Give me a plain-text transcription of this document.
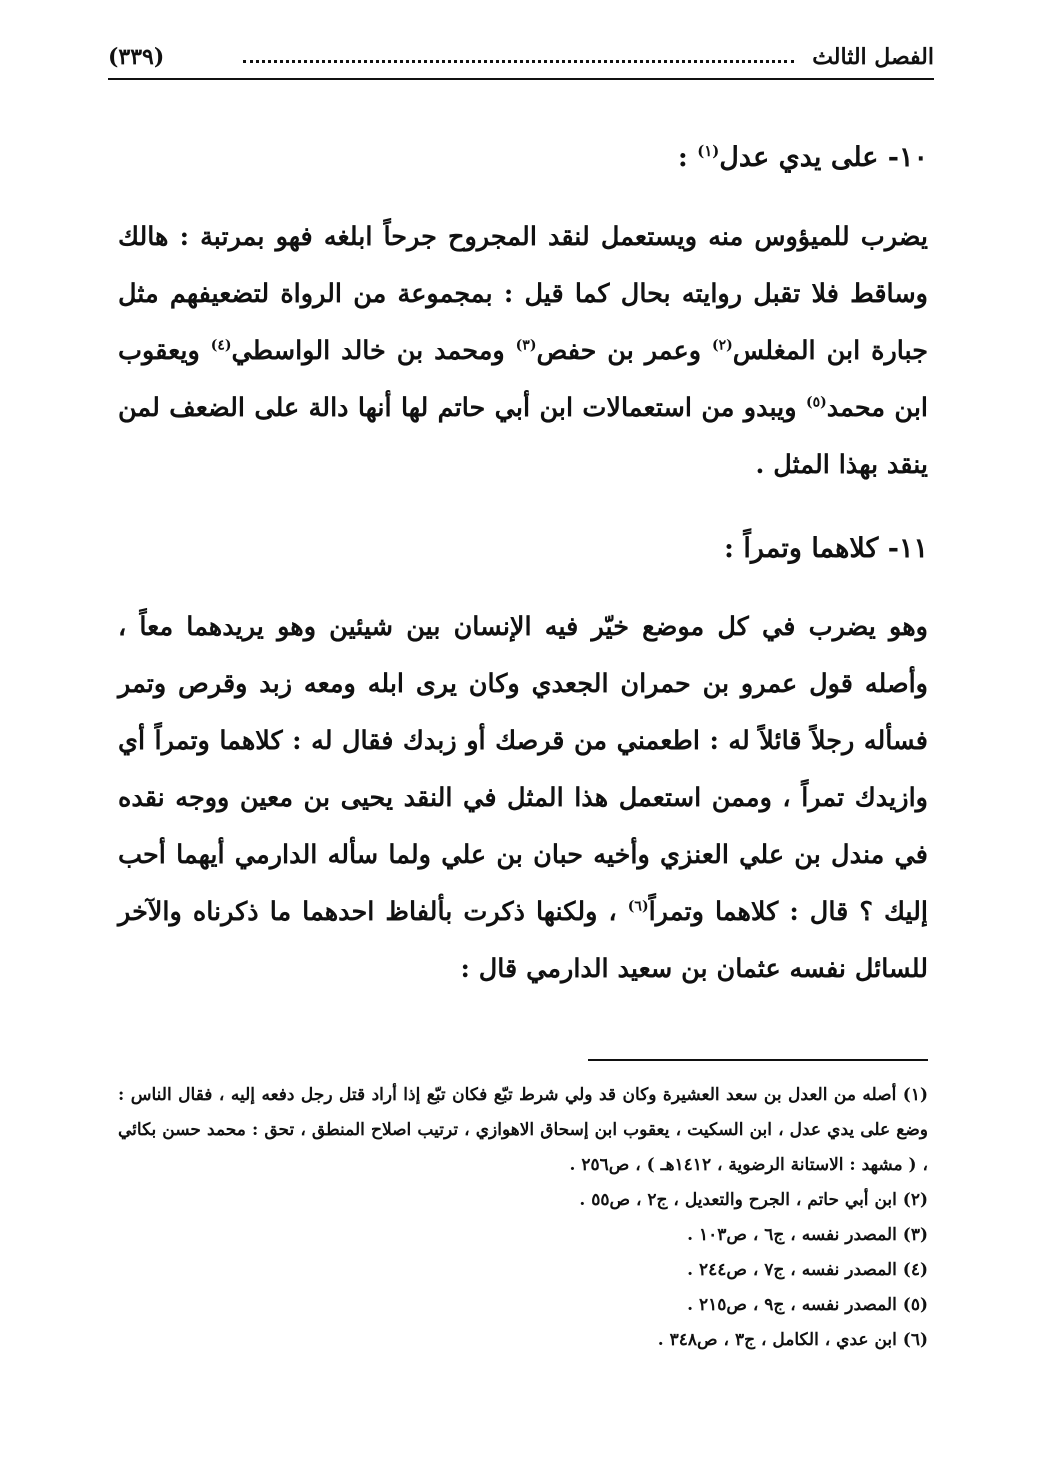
الفصل الثالث
(٣٣٩)
١٠- على يدي عدل$^{(١)}$ :
يضرب للميؤوس منه ويستعمل لنقد المجروح جرحاً ابلغه فهو بمرتبة : هالك وساقط فلا تقبل روايته بحال كما قيل : بمجموعة من الرواة لتضعيفهم مثل جبارة ابن المغلس$^{(٢)}$ وعمر بن حفص$^{(٣)}$ ومحمد بن خالد الواسطي$^{(٤)}$ ويعقوب ابن محمد$^{(٥)}$ ويبدو من استعمالات ابن أبي حاتم لها أنها دالة على الضعف لمن ينقد بهذا المثل .
١١- كلاهما وتمراً :
وهو يضرب في كل موضع خيّر فيه الإنسان بين شيئين وهو يريدهما معاً ، وأصله قول عمرو بن حمران الجعدي وكان يرى ابله ومعه زبد وقرص وتمر فسأله رجلاً قائلاً له : اطعمني من قرصك أو زبدك فقال له : كلاهما وتمراً أي وازيدك تمراً ، وممن استعمل هذا المثل في النقد يحيى بن معين ووجه نقده في مندل بن علي العنزي وأخيه حبان بن علي ولما سأله الدارمي أيهما أحب إليك ؟ قال : كلاهما وتمراً$^{(٦)}$ ، ولكنها ذكرت بألفاظ احدهما ما ذكرناه والآخر للسائل نفسه عثمان بن سعيد الدارمي قال :
(١) أصله من العدل بن سعد العشيرة وكان قد ولي شرط تبّع فكان تبّع إذا أراد قتل رجل دفعه إليه ، فقال الناس : وضع على يدي عدل ، ابن السكيت ، يعقوب ابن إسحاق الاهوازي ، ترتيب اصلاح المنطق ، تحق : محمد حسن بكائي ، ( مشهد : الاستانة الرضوية ، ١٤١٢هـ ) ، ص٢٥٦ .
(٢) ابن أبي حاتم ، الجرح والتعديل ، ج٢ ، ص٥٥ .
(٣) المصدر نفسه ، ج٦ ، ص١٠٣ .
(٤) المصدر نفسه ، ج٧ ، ص٢٤٤ .
(٥) المصدر نفسه ، ج٩ ، ص٢١٥ .
(٦) ابن عدي ، الكامل ، ج٣ ، ص٣٤٨ .
